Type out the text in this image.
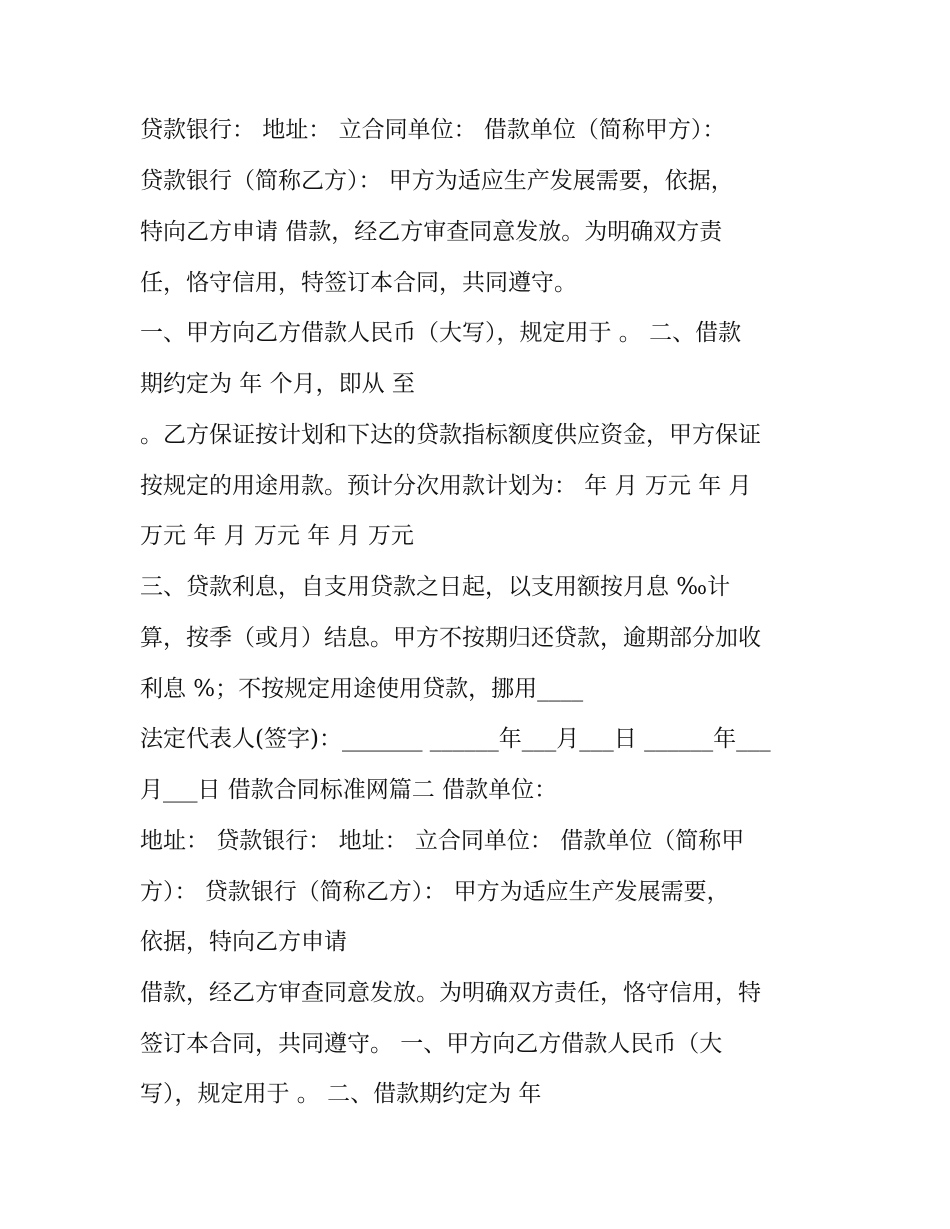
贷款银行： 地址： 立合同单位： 借款单位（简称甲方）：

贷款银行（简称乙方）： 甲方为适应生产发展需要，依据，

特向乙方申请 借款，经乙方审查同意发放。为明确双方责

任，恪守信用，特签订本合同，共同遵守。

一、甲方向乙方借款人民币（大写），规定用于 。 二、借款

期约定为 年 个月，即从 至

。乙方保证按计划和下达的贷款指标额度供应资金，甲方保证

按规定的用途用款。预计分次用款计划为： 年 月 万元 年 月

万元 年 月 万元 年 月 万元

三、贷款利息，自支用贷款之日起，以支用额按月息 ‰计

算，按季（或月）结息。甲方不按期归还贷款，逾期部分加收

利息 %；不按规定用途使用贷款，挪用____

法定代表人(签字)：_______ ______年___月___日 ______年___

月___日 借款合同标准网篇二 借款单位：

地址： 贷款银行： 地址： 立合同单位： 借款单位（简称甲

方）： 贷款银行（简称乙方）： 甲方为适应生产发展需要，

依据，特向乙方申请

借款，经乙方审查同意发放。为明确双方责任，恪守信用，特

签订本合同，共同遵守。 一、甲方向乙方借款人民币（大

写），规定用于 。 二、借款期约定为 年
